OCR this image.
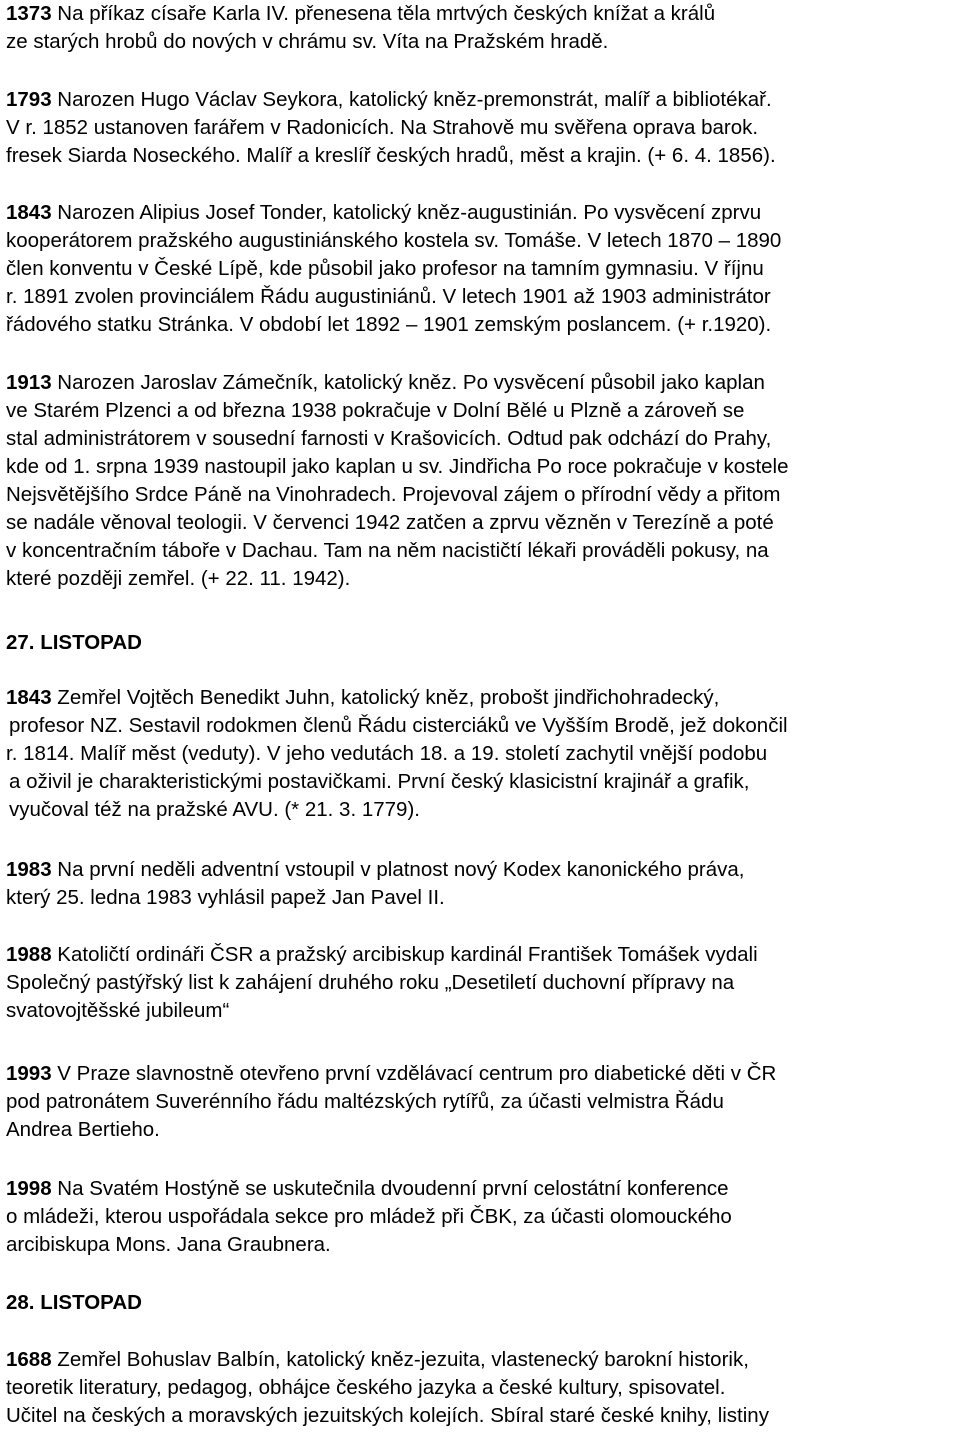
1373 Na příkaz císaře Karla IV. přenesena těla mrtvých českých knížat a králů
ze starých hrobů do nových v chrámu sv. Víta na Pražském hradě.
1793 Narozen Hugo Václav Seykora, katolický kněz-premonstrát, malíř a bibliotékař.
V r. 1852 ustanoven farářem v Radonicích. Na Strahově mu svěřena oprava barok.
fresek Siarda Noseckého. Malíř a kreslíř českých hradů, měst a krajin. (+ 6. 4. 1856).
1843 Narozen Alipius Josef Tonder, katolický kněz-augustinián. Po vysvěcení zprvu
kooperátorem pražského augustiniánského kostela sv. Tomáše. V letech 1870 – 1890
člen konventu v České Lípě, kde působil jako profesor na tamním gymnasiu. V říjnu
r. 1891 zvolen provinciálem Řádu augustiniánů. V letech 1901 až 1903 administrátor
řádového statku Stránka. V období let 1892 – 1901 zemským poslancem. (+ r.1920).
1913 Narozen Jaroslav Zámečník, katolický kněz. Po vysvěcení působil jako kaplan
ve Starém Plzenci a od března 1938 pokračuje v Dolní Bělé u Plzně a zároveň se
stal administrátorem v sousední farnosti v Krašovicích. Odtud pak odchází do Prahy,
kde od 1. srpna 1939 nastoupil jako kaplan u sv. Jindřicha Po roce pokračuje v kostele
Nejsvětějšího Srdce Páně na Vinohradech. Projevoval zájem o přírodní vědy a přitom
se nadále věnoval teologii. V červenci 1942 zatčen a zprvu vězněn v Terezíně a poté
v koncentračním táboře v Dachau. Tam na něm nacističtí lékaři prováděli pokusy, na
které později zemřel. (+ 22. 11. 1942).
27. LISTOPAD
1843 Zemřel Vojtěch Benedikt Juhn, katolický kněz, probošt jindřichohradecký,
profesor NZ. Sestavil rodokmen členů Řádu cisterciáků ve Vyšším Brodě, jež dokončil
r. 1814. Malíř měst (veduty). V jeho vedutách 18. a 19. století zachytil vnější podobu
a oživil je charakteristickými postavičkami. První český klasicistní krajinář a grafik,
vyučoval též na pražské AVU. (* 21. 3. 1779).
1983 Na první neděli adventní vstoupil v platnost nový Kodex kanonického práva,
který 25. ledna 1983 vyhlásil papež Jan Pavel II.
1988 Katoličtí ordináři ČSR a pražský arcibiskup kardinál František Tomášek vydali
Společný pastýřský list k zahájení druhého roku „Desetiletí duchovní přípravy na
svatovojtěšské jubileum“
1993 V Praze slavnostně otevřeno první vzdělávací centrum pro diabetické děti v ČR
pod patronátem Suverénního řádu maltézských rytířů, za účasti velmistra Řádu
Andrea Bertieho.
1998 Na Svatém Hostýně se uskutečnila dvoudenní první celostátní konference
o mládeži, kterou uspořádala sekce pro mládež při ČBK, za účasti olomouckého
arcibiskupa Mons. Jana Graubnera.
28. LISTOPAD
1688 Zemřel Bohuslav Balbín, katolický kněz-jezuita, vlastenecký barokní historik,
teoretik literatury, pedagog, obhájce českého jazyka a české kultury, spisovatel.
Učitel na českých a moravských jezuitských kolejích. Sbíral staré české knihy, listiny
